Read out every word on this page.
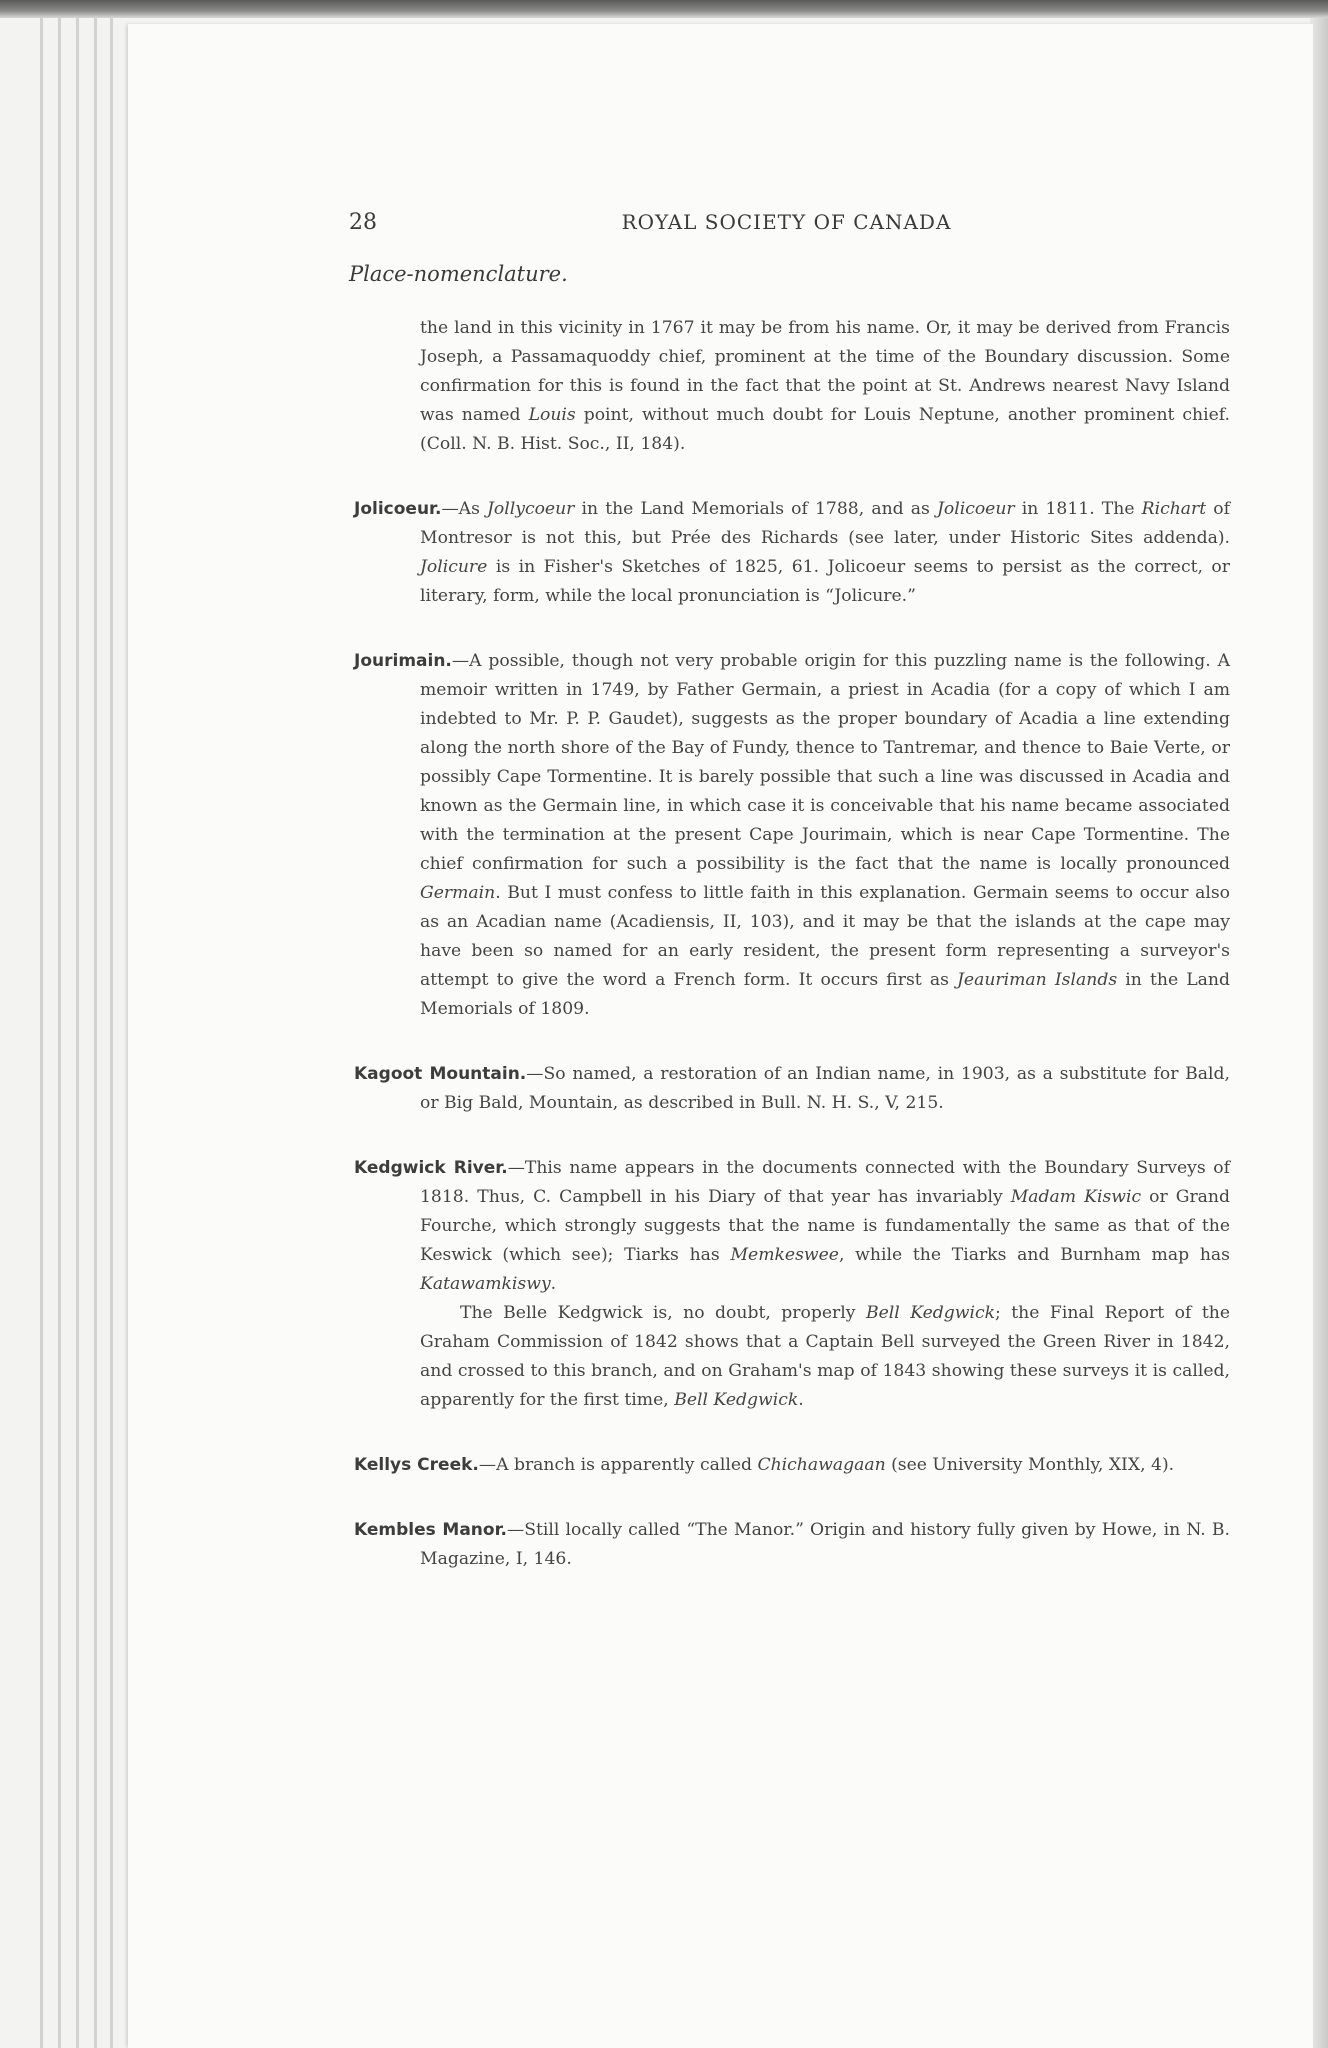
28	ROYAL SOCIETY OF CANADA
Place-nomenclature.

the land in this vicinity in 1767 it may be from his name. Or, it may be derived from Francis Joseph, a Passamaquoddy chief, prominent at the time of the Boundary discussion. Some confirmation for this is found in the fact that the point at St. Andrews nearest Navy Island was named Louis point, without much doubt for Louis Neptune, another prominent chief. (Coll. N. B. Hist. Soc., II, 184).

Jolicoeur.—As Jollycoeur in the Land Memorials of 1788, and as Jolicoeur in 1811. The Richart of Montresor is not this, but Prée des Richards (see later, under Historic Sites addenda). Jolicure is in Fisher's Sketches of 1825, 61. Jolicoeur seems to persist as the correct, or literary, form, while the local pronunciation is “Jolicure.”

Jourimain.—A possible, though not very probable origin for this puzzling name is the following. A memoir written in 1749, by Father Germain, a priest in Acadia (for a copy of which I am indebted to Mr. P. P. Gaudet), suggests as the proper boundary of Acadia a line extending along the north shore of the Bay of Fundy, thence to Tantremar, and thence to Baie Verte, or possibly Cape Tormentine. It is barely possible that such a line was discussed in Acadia and known as the Germain line, in which case it is conceivable that his name became associated with the termination at the present Cape Jourimain, which is near Cape Tormentine. The chief confirmation for such a possibility is the fact that the name is locally pronounced Germain. But I must confess to little faith in this explanation. Germain seems to occur also as an Acadian name (Acadiensis, II, 103), and it may be that the islands at the cape may have been so named for an early resident, the present form representing a surveyor's attempt to give the word a French form. It occurs first as Jeauriman Islands in the Land Memorials of 1809.

Kagoot Mountain.—So named, a restoration of an Indian name, in 1903, as a substitute for Bald, or Big Bald, Mountain, as described in Bull. N. H. S., V, 215.

Kedgwick River.—This name appears in the documents connected with the Boundary Surveys of 1818. Thus, C. Campbell in his Diary of that year has invariably Madam Kiswic or Grand Fourche, which strongly suggests that the name is fundamentally the same as that of the Keswick (which see); Tiarks has Memkeswee, while the Tiarks and Burnham map has Katawamkiswy.

The Belle Kedgwick is, no doubt, properly Bell Kedgwick; the Final Report of the Graham Commission of 1842 shows that a Captain Bell surveyed the Green River in 1842, and crossed to this branch, and on Graham's map of 1843 showing these surveys it is called, apparently for the first time, Bell Kedgwick.

Kellys Creek.—A branch is apparently called Chichawagaan (see University Monthly, XIX, 4).

Kembles Manor.—Still locally called “The Manor.” Origin and history fully given by Howe, in N. B. Magazine, I, 146.
